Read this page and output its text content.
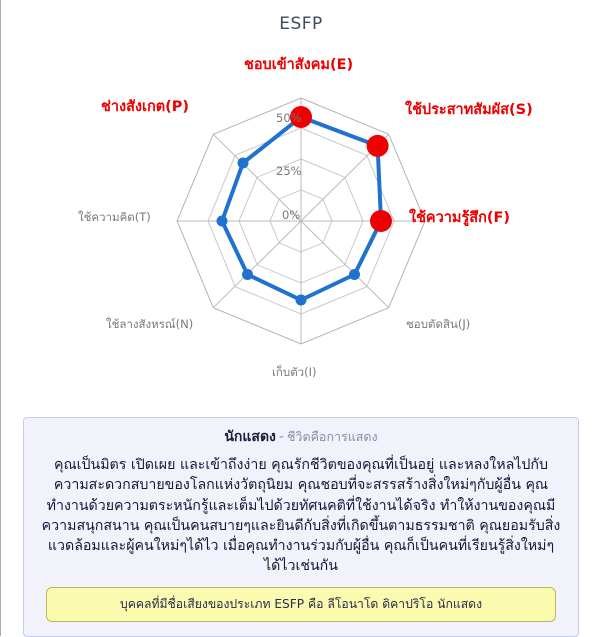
ESFP
50%
25%
0%
ชอบเข้าสังคม(E)
ใช้ประสาทสัมผัส(S)
ใช้ความรู้สึก(F)
ชอบตัดสิน(J)
เก็บตัว(I)
ใช้ลางสังหรณ์(N)
ใช้ความคิด(T)
ช่างสังเกต(P)
นักแสดง - ชีวิตคือการแสดง
คุณเป็นมิตร เปิดเผย และเข้าถึงง่าย คุณรักชีวิตของคุณที่เป็นอยู่ และหลงใหลไปกับความสะดวกสบายของโลกแห่งวัตถุนิยม คุณชอบที่จะสรรสร้างสิ่งใหม่ๆกับผู้อื่น คุณทำงานด้วยความตระหนักรู้และเต็มไปด้วยทัศนคติที่ใช้งานได้จริง ทำให้งานของคุณมีความสนุกสนาน คุณเป็นคนสบายๆและยินดีกับสิ่งที่เกิดขึ้นตามธรรมชาติ คุณยอมรับสิ่งแวดล้อมและผู้คนใหม่ๆได้ไว เมื่อคุณทำงานร่วมกับผู้อื่น คุณก็เป็นคนที่เรียนรู้สิ่งใหม่ๆได้ไวเช่นกัน
บุคคลที่มีชื่อเสียงของประเภท ESFP คือ ลีโอนาโด ดิคาปริโอ นักแสดง
